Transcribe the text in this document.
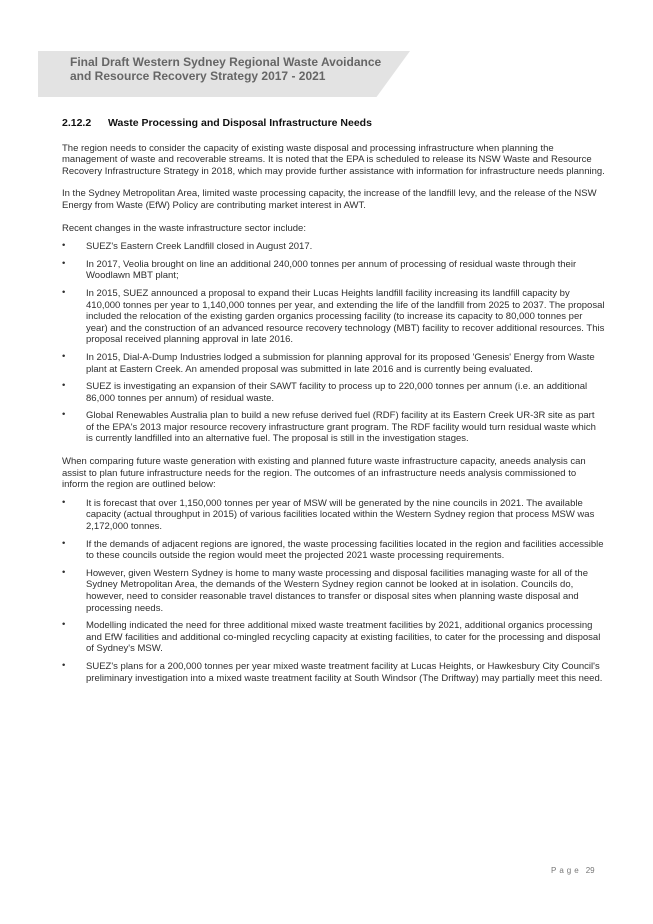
Final Draft Western Sydney Regional Waste Avoidance and Resource Recovery Strategy 2017 - 2021
2.12.2	Waste Processing and Disposal Infrastructure Needs

The region needs to consider the capacity of existing waste disposal and processing infrastructure when planning the management of waste and recoverable streams. It is noted that the EPA is scheduled to release its NSW Waste and Resource Recovery Infrastructure Strategy in 2018, which may provide further assistance with information for infrastructure needs planning.

In the Sydney Metropolitan Area, limited waste processing capacity, the increase of the landfill levy, and the release of the NSW Energy from Waste (EfW) Policy are contributing market interest in AWT.

Recent changes in the waste infrastructure sector include:

• SUEZ's Eastern Creek Landfill closed in August 2017.
• In 2017, Veolia brought on line an additional 240,000 tonnes per annum of processing of residual waste through their Woodlawn MBT plant;
• In 2015, SUEZ announced a proposal to expand their Lucas Heights landfill facility increasing its landfill capacity by 410,000 tonnes per year to 1,140,000 tonnes per year, and extending the life of the landfill from 2025 to 2037. The proposal included the relocation of the existing garden organics processing facility (to increase its capacity to 80,000 tonnes per year) and the construction of an advanced resource recovery technology (MBT) facility to recover additional resources. This proposal received planning approval in late 2016.
• In 2015, Dial-A-Dump Industries lodged a submission for planning approval for its proposed 'Genesis' Energy from Waste plant at Eastern Creek. An amended proposal was submitted in late 2016 and is currently being evaluated.
• SUEZ is investigating an expansion of their SAWT facility to process up to 220,000 tonnes per annum (i.e. an additional 86,000 tonnes per annum) of residual waste.
• Global Renewables Australia plan to build a new refuse derived fuel (RDF) facility at its Eastern Creek UR-3R site as part of the EPA's 2013 major resource recovery infrastructure grant program. The RDF facility would turn residual waste which is currently landfilled into an alternative fuel. The proposal is still in the investigation stages.

When comparing future waste generation with existing and planned future waste infrastructure capacity, aneeds analysis can assist to plan future infrastructure needs for the region. The outcomes of an infrastructure needs analysis commissioned to inform the region are outlined below:

• It is forecast that over 1,150,000 tonnes per year of MSW will be generated by the nine councils in 2021. The available capacity (actual throughput in 2015) of various facilities located within the Western Sydney region that process MSW was 2,172,000 tonnes.
• If the demands of adjacent regions are ignored, the waste processing facilities located in the region and facilities accessible to these councils outside the region would meet the projected 2021 waste processing requirements.
• However, given Western Sydney is home to many waste processing and disposal facilities managing waste for all of the Sydney Metropolitan Area, the demands of the Western Sydney region cannot be looked at in isolation. Councils do, however, need to consider reasonable travel distances to transfer or disposal sites when planning waste disposal and processing needs.
• Modelling indicated the need for three additional mixed waste treatment facilities by 2021, additional organics processing and EfW facilities and additional co-mingled recycling capacity at existing facilities, to cater for the processing and disposal of Sydney's MSW.
• SUEZ's plans for a 200,000 tonnes per year mixed waste treatment facility at Lucas Heights, or Hawkesbury City Council's preliminary investigation into a mixed waste treatment facility at South Windsor (The Driftway) may partially meet this need.
Page 29
